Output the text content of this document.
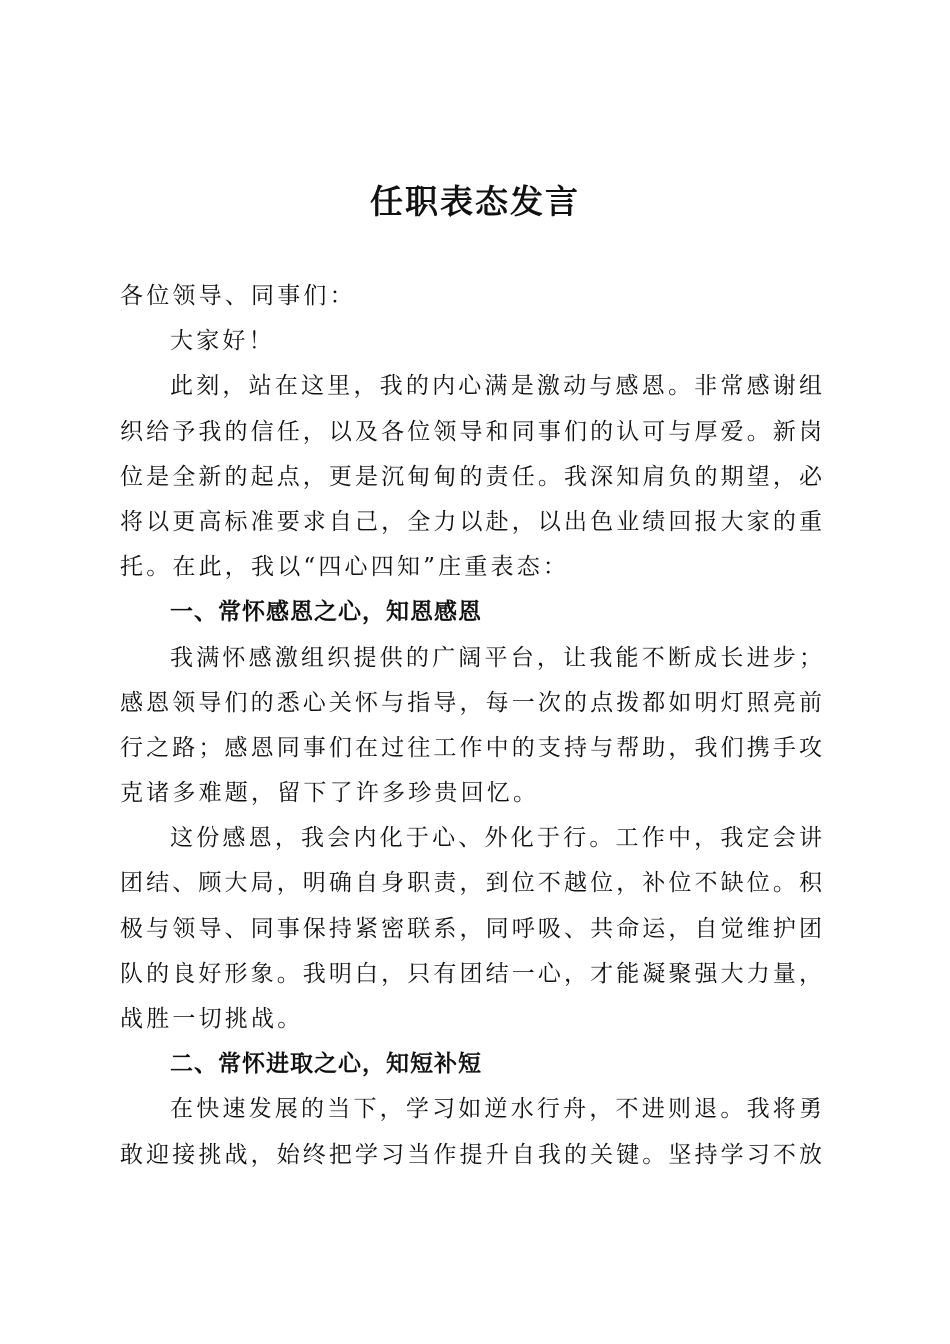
任职表态发言
各位领导、同事们：
大家好！
此刻，站在这里，我的内心满是激动与感恩。非常感谢组
织给予我的信任，以及各位领导和同事们的认可与厚爱。新岗
位是全新的起点，更是沉甸甸的责任。我深知肩负的期望，必
将以更高标准要求自己，全力以赴，以出色业绩回报大家的重
托。在此，我以“四心四知”庄重表态：
一、常怀感恩之心，知恩感恩
我满怀感激组织提供的广阔平台，让我能不断成长进步；
感恩领导们的悉心关怀与指导，每一次的点拨都如明灯照亮前
行之路；感恩同事们在过往工作中的支持与帮助，我们携手攻
克诸多难题，留下了许多珍贵回忆。
这份感恩，我会内化于心、外化于行。工作中，我定会讲
团结、顾大局，明确自身职责，到位不越位，补位不缺位。积
极与领导、同事保持紧密联系，同呼吸、共命运，自觉维护团
队的良好形象。我明白，只有团结一心，才能凝聚强大力量，
战胜一切挑战。
二、常怀进取之心，知短补短
在快速发展的当下，学习如逆水行舟，不进则退。我将勇
敢迎接挑战，始终把学习当作提升自我的关键。坚持学习不放
